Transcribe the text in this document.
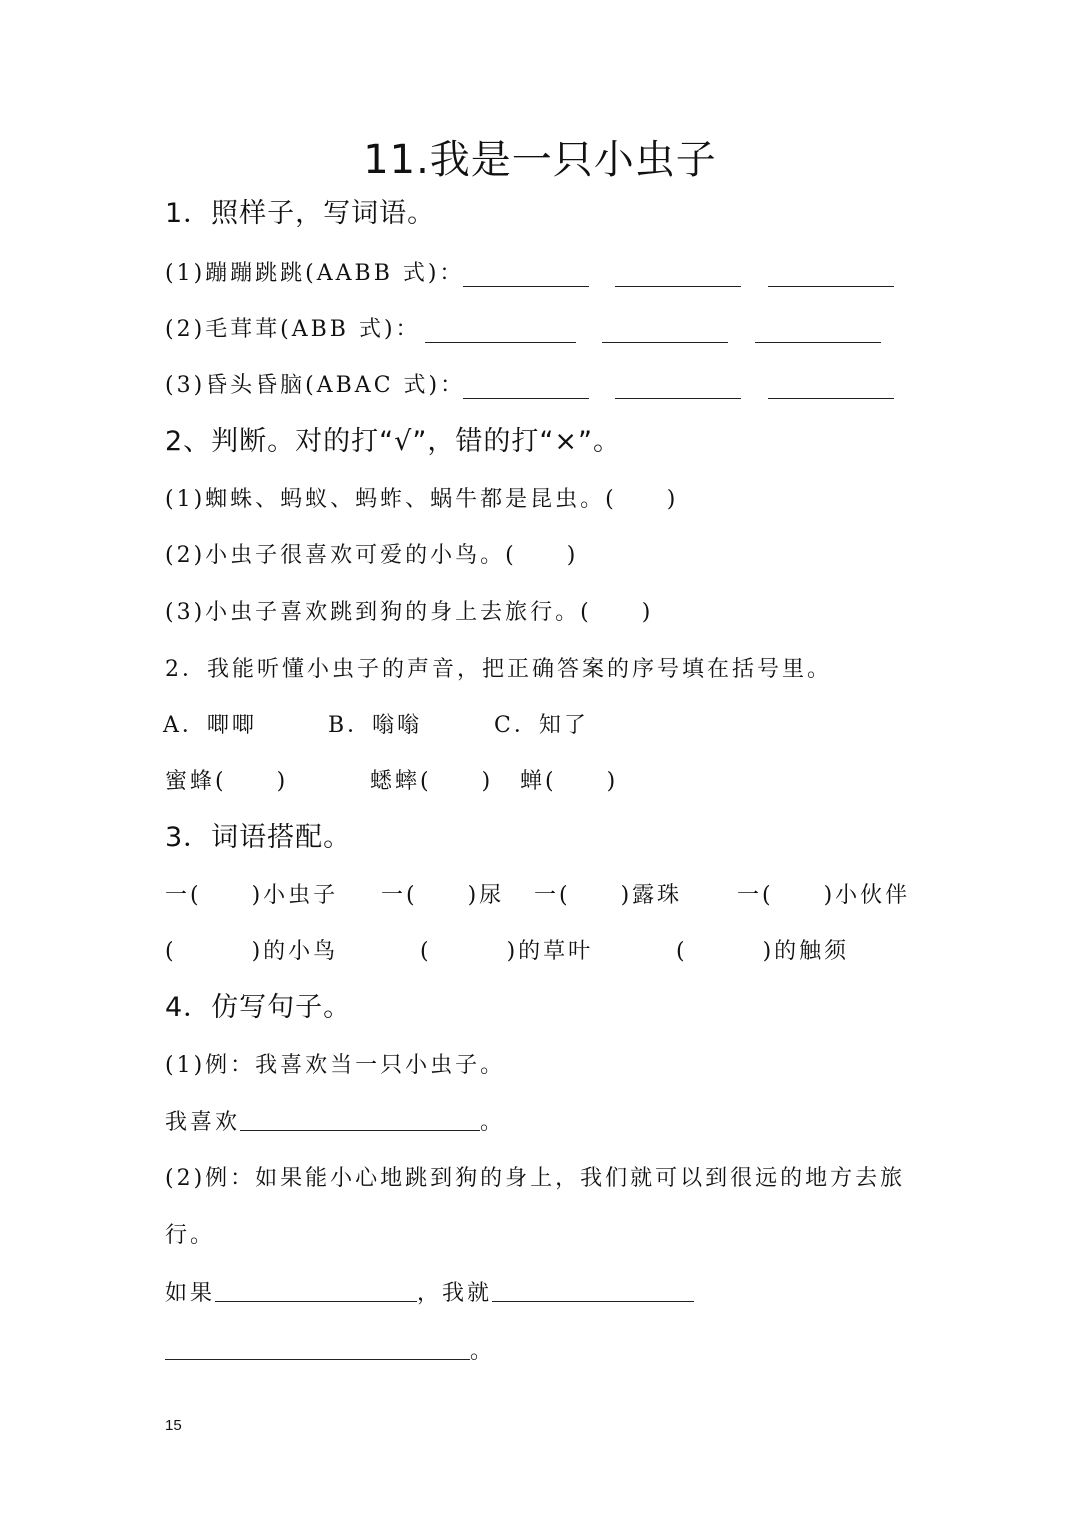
11.我是一只小虫子
1．照样子，写词语。
(1)蹦蹦跳跳(AABB 式)：
(2)毛茸茸(ABB 式)：
(3)昏头昏脑(ABAC 式)：
2、判断。对的打“√”，错的打“×”。
(1)蜘蛛、蚂蚁、蚂蚱、蜗牛都是昆虫。(　　)
(2)小虫子很喜欢可爱的小鸟。(　　)
(3)小虫子喜欢跳到狗的身上去旅行。(　　)
2．我能听懂小虫子的声音，把正确答案的序号填在括号里。
A．唧唧	B．嗡嗡	C．知了
蜜蜂(　　)	蟋蟀(　　) 蝉(　　)
3．词语搭配。
一(　　)小虫子 一(　　)尿 一(　　)露珠 一(　　)小伙伴
(　　　)的小鸟	(　　　)的草叶	(　　　)的触须
4．仿写句子。
(1)例：我喜欢当一只小虫子。
我喜欢	。
(2)例：如果能小心地跳到狗的身上，我们就可以到很远的地方去旅
行。
如果	，我就
。
15
